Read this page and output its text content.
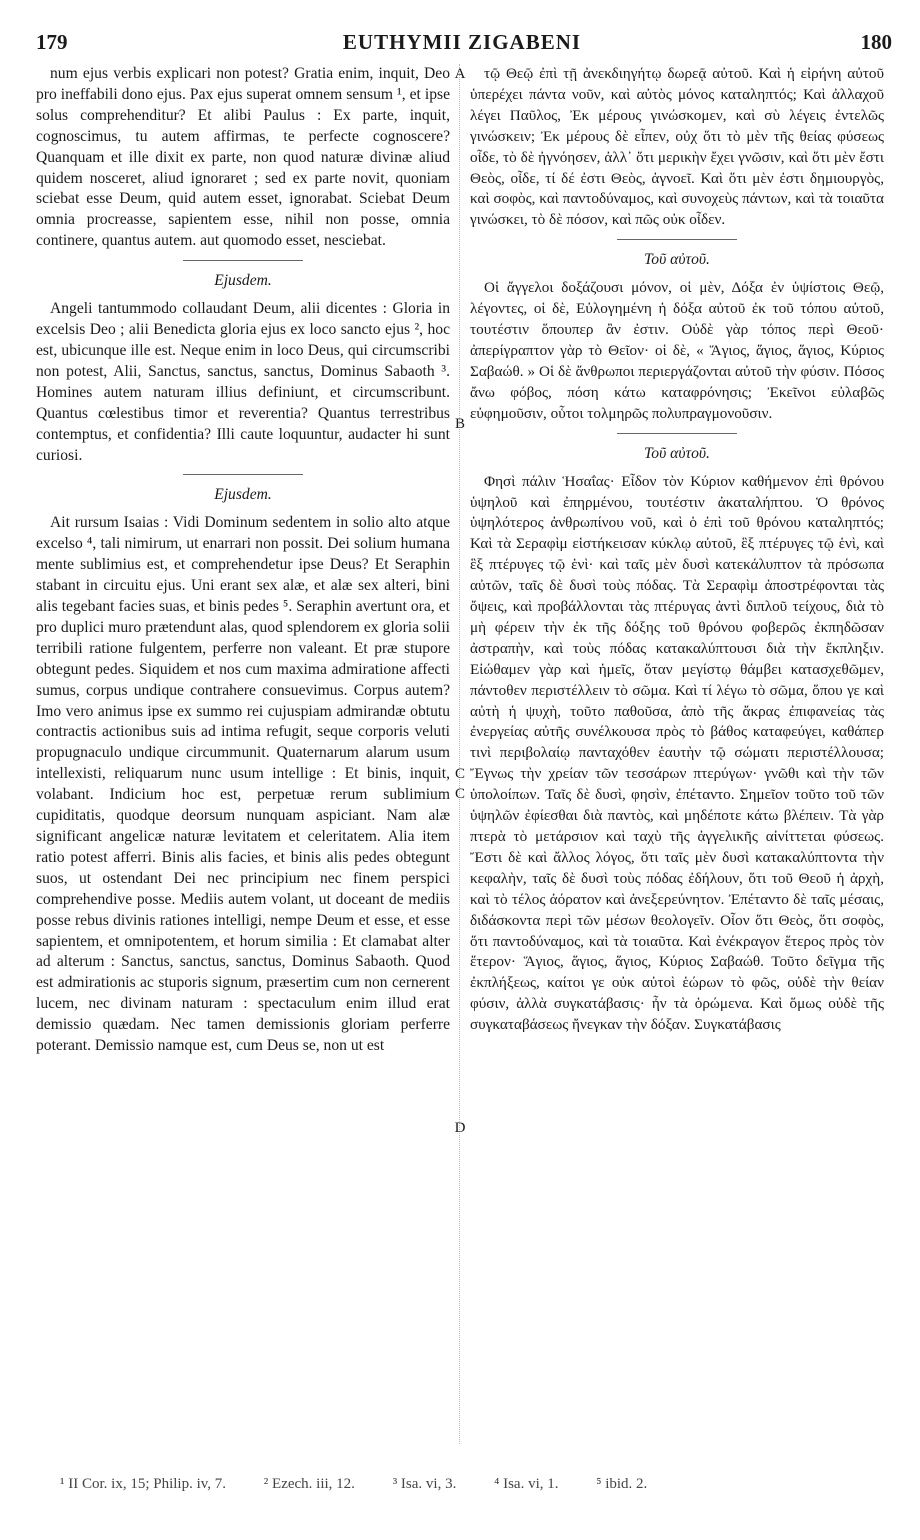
179	EUTHYMII ZIGABENI	180

num ejus verbis explicari non potest? Gratia enim, inquit, Deo pro ineffabili dono ejus. Pax ejus superat omnem sensum ¹, et ipse solus comprehenditur? Et alibi Paulus : Ex parte, inquit, cognoscimus, tu autem affirmas, te perfecte cognoscere? Quanquam et ille dixit ex parte, non quod naturæ divinæ aliud quidem nosceret, aliud ignoraret ; sed ex parte novit, quoniam sciebat esse Deum, quid autem esset, ignorabat. Sciebat Deum omnia procreasse, sapientem esse, nihil non posse, omnia continere, quantus autem. aut quomodo esset, nesciebat.

Ejusdem.

Angeli tantummodo collaudant Deum, alii dicentes : Gloria in excelsis Deo ; alii Benedicta gloria ejus ex loco sancto ejus ², hoc est, ubicunque ille est. Neque enim in loco Deus, qui circumscribi non potest, Alii, Sanctus, sanctus, sanctus, Dominus Sabaoth ³. Homines autem naturam illius definiunt, et circumscribunt. Quantus cœlestibus timor et reverentia? Quantus terrestribus contemptus, et confidentia? Illi caute loquuntur, audacter hi sunt curiosi.

Ejusdem.

Ait rursum Isaias : Vidi Dominum sedentem in solio alto atque excelso ⁴, tali nimirum, ut enarrari non possit. Dei solium humana mente sublimius est, et comprehendetur ipse Deus? Et Seraphin stabant in circuitu ejus. Uni erant sex alæ, et alæ sex alteri, bini alis tegebant facies suas, et binis pedes ⁵. Seraphin avertunt ora, et pro duplici muro prætendunt alas, quod splendorem ex gloria solii terribili ratione fulgentem, perferre non valeant. Et præ stupore obtegunt pedes. Siquidem et nos cum maxima admiratione affecti sumus, corpus undique contrahere consuevimus. Corpus autem? Imo vero animus ipse ex summo rei cujuspiam admirandæ obtutu contractis actionibus suis ad intima refugit, seque corporis veluti propugnaculo undique circummunit. Quaternarum alarum usum intellexisti, reliquarum nunc usum intellige : Et binis, inquit, volabant. Indicium hoc est, perpetuæ rerum sublimium cupiditatis, quodque deorsum nunquam aspiciant. Nam alæ significant angelicæ naturæ levitatem et celeritatem. Alia item ratio potest afferri. Binis alis facies, et binis alis pedes obtegunt suos, ut ostendant Dei nec principium nec finem perspici comprehendive posse. Mediis autem volant, ut doceant de mediis posse rebus divinis rationes intelligi, nempe Deum et esse, et esse sapientem, et omnipotentem, et horum similia : Et clamabat alter ad alterum : Sanctus, sanctus, sanctus, Dominus Sabaoth. Quod est admirationis ac stuporis signum, præsertim cum non cernerent lucem, nec divinam naturam : spectaculum enim illud erat demissio quædam. Nec tamen demissionis gloriam perferre poterant. Demissio namque est, cum Deus se, non ut est

A
B
C
C
D

τῷ Θεῷ ἐπὶ τῇ ἀνεκδιηγήτῳ δωρεᾷ αὐτοῦ. Καὶ ἡ εἰρήνη αὐτοῦ ὑπερέχει πάντα νοῦν, καὶ αὐτὸς μόνος καταληπτός; Καὶ ἀλλαχοῦ λέγει Παῦλος, Ἐκ μέρους γινώσκομεν, καὶ σὺ λέγεις ἐντελῶς γινώσκειν; Ἐκ μέρους δὲ εἶπεν, οὐχ ὅτι τὸ μὲν τῆς θείας φύσεως οἶδε, τὸ δὲ ἠγνόησεν, ἀλλ᾽ ὅτι μερικὴν ἔχει γνῶσιν, καὶ ὅτι μὲν ἔστι Θεὸς, οἶδε, τί δέ ἐστι Θεὸς, ἀγνοεῖ. Καὶ ὅτι μὲν ἐστι δημιουργὸς, καὶ σοφὸς, καὶ παντοδύναμος, καὶ συνοχεὺς πάντων, καὶ τὰ τοιαῦτα γινώσκει, τὸ δὲ πόσον, καὶ πῶς οὐκ οἶδεν.

Τοῦ αὐτοῦ.

Οἱ ἄγγελοι δοξάζουσι μόνον, οἱ μὲν, Δόξα ἐν ὑψίστοις Θεῷ, λέγοντες, οἱ δὲ, Εὐλογημένη ἡ δόξα αὐτοῦ ἐκ τοῦ τόπου αὐτοῦ, τουτέστιν ὅπουπερ ἂν ἐστιν. Οὐδὲ γὰρ τόπος περὶ Θεοῦ· ἀπερίγραπτον γὰρ τὸ Θεῖον· οἱ δὲ, « Ἅγιος, ἅγιος, ἅγιος, Κύριος Σαβαώθ. » Οἱ δὲ ἄνθρωποι περιεργάζονται αὐτοῦ τὴν φύσιν. Πόσος ἄνω φόβος, πόση κάτω καταφρόνησις; Ἐκεῖνοι εὐλαβῶς εὐφημοῦσιν, οὗτοι τολμηρῶς πολυπραγμονοῦσιν.

Τοῦ αὐτοῦ.

Φησὶ πάλιν Ἡσαΐας· Εἶδον τὸν Κύριον καθήμενον ἐπὶ θρόνου ὑψηλοῦ καὶ ἐπηρμένου, τουτέστιν ἀκαταλήπτου. Ὁ θρόνος ὑψηλότερος ἀνθρωπίνου νοῦ, καὶ ὁ ἐπὶ τοῦ θρόνου καταληπτός; Καὶ τὰ Σεραφὶμ εἱστήκεισαν κύκλῳ αὐτοῦ, ἓξ πτέρυγες τῷ ἑνὶ, καὶ ἓξ πτέρυγες τῷ ἑνὶ· καὶ ταῖς μὲν δυσὶ κατεκάλυπτον τὰ πρόσωπα αὐτῶν, ταῖς δὲ δυσὶ τοὺς πόδας. Τὰ Σεραφὶμ ἀποστρέφονται τὰς ὄψεις, καὶ προβάλλονται τὰς πτέρυγας ἀντὶ διπλοῦ τείχους, διὰ τὸ μὴ φέρειν τὴν ἐκ τῆς δόξης τοῦ θρόνου φοβερῶς ἐκπηδῶσαν ἀστραπὴν, καὶ τοὺς πόδας κατακαλύπτουσι διὰ τὴν ἔκπληξιν. Εἰώθαμεν γὰρ καὶ ἡμεῖς, ὅταν μεγίστῳ θάμβει κατασχεθῶμεν, πάντοθεν περιστέλλειν τὸ σῶμα. Καὶ τί λέγω τὸ σῶμα, ὅπου γε καὶ αὐτὴ ἡ ψυχὴ, τοῦτο παθοῦσα, ἀπὸ τῆς ἄκρας ἐπιφανείας τὰς ἐνεργείας αὐτῆς συνέλκουσα πρὸς τὸ βάθος καταφεύγει, καθάπερ τινὶ περιβολαίῳ πανταχόθεν ἑαυτὴν τῷ σώματι περιστέλλουσα; Ἔγνως τὴν χρείαν τῶν τεσσάρων πτερύγων· γνῶθι καὶ τὴν τῶν ὑπολοίπων. Ταῖς δὲ δυσὶ, φησὶν, ἐπέταντο. Σημεῖον τοῦτο τοῦ τῶν ὑψηλῶν ἐφίεσθαι διὰ παντὸς, καὶ μηδέποτε κάτω βλέπειν. Τὰ γὰρ πτερὰ τὸ μετάρσιον καὶ ταχὺ τῆς ἀγγελικῆς αἰνίττεται φύσεως. Ἔστι δὲ καὶ ἄλλος λόγος, ὅτι ταῖς μὲν δυσὶ κατακαλύπτοντα τὴν κεφαλὴν, ταῖς δὲ δυσὶ τοὺς πόδας ἐδήλουν, ὅτι τοῦ Θεοῦ ἡ ἀρχὴ, καὶ τὸ τέλος ἀόρατον καὶ ἀνεξερεύνητον. Ἐπέταντο δὲ ταῖς μέσαις, διδάσκοντα περὶ τῶν μέσων θεολογεῖν. Οἷον ὅτι Θεὸς, ὅτι σοφὸς, ὅτι παντοδύναμος, καὶ τὰ τοιαῦτα. Καὶ ἐνέκραγον ἕτερος πρὸς τὸν ἕτερον· Ἅγιος, ἅγιος, ἅγιος, Κύριος Σαβαώθ. Τοῦτο δεῖγμα τῆς ἐκπλήξεως, καίτοι γε οὐκ αὐτοὶ ἑώρων τὸ φῶς, οὐδὲ τὴν θείαν φύσιν, ἀλλὰ συγκατάβασις· ἦν τὰ ὁρώμενα. Καὶ ὅμως οὐδὲ τῆς συγκαταβάσεως ἤνεγκαν τὴν δόξαν. Συγκατάβασις

¹ II Cor. ix, 15; Philip. iv, 7.	² Ezech. iii, 12.	³ Isa. vi, 3.	⁴ Isa. vi, 1.	⁵ ibid. 2.
